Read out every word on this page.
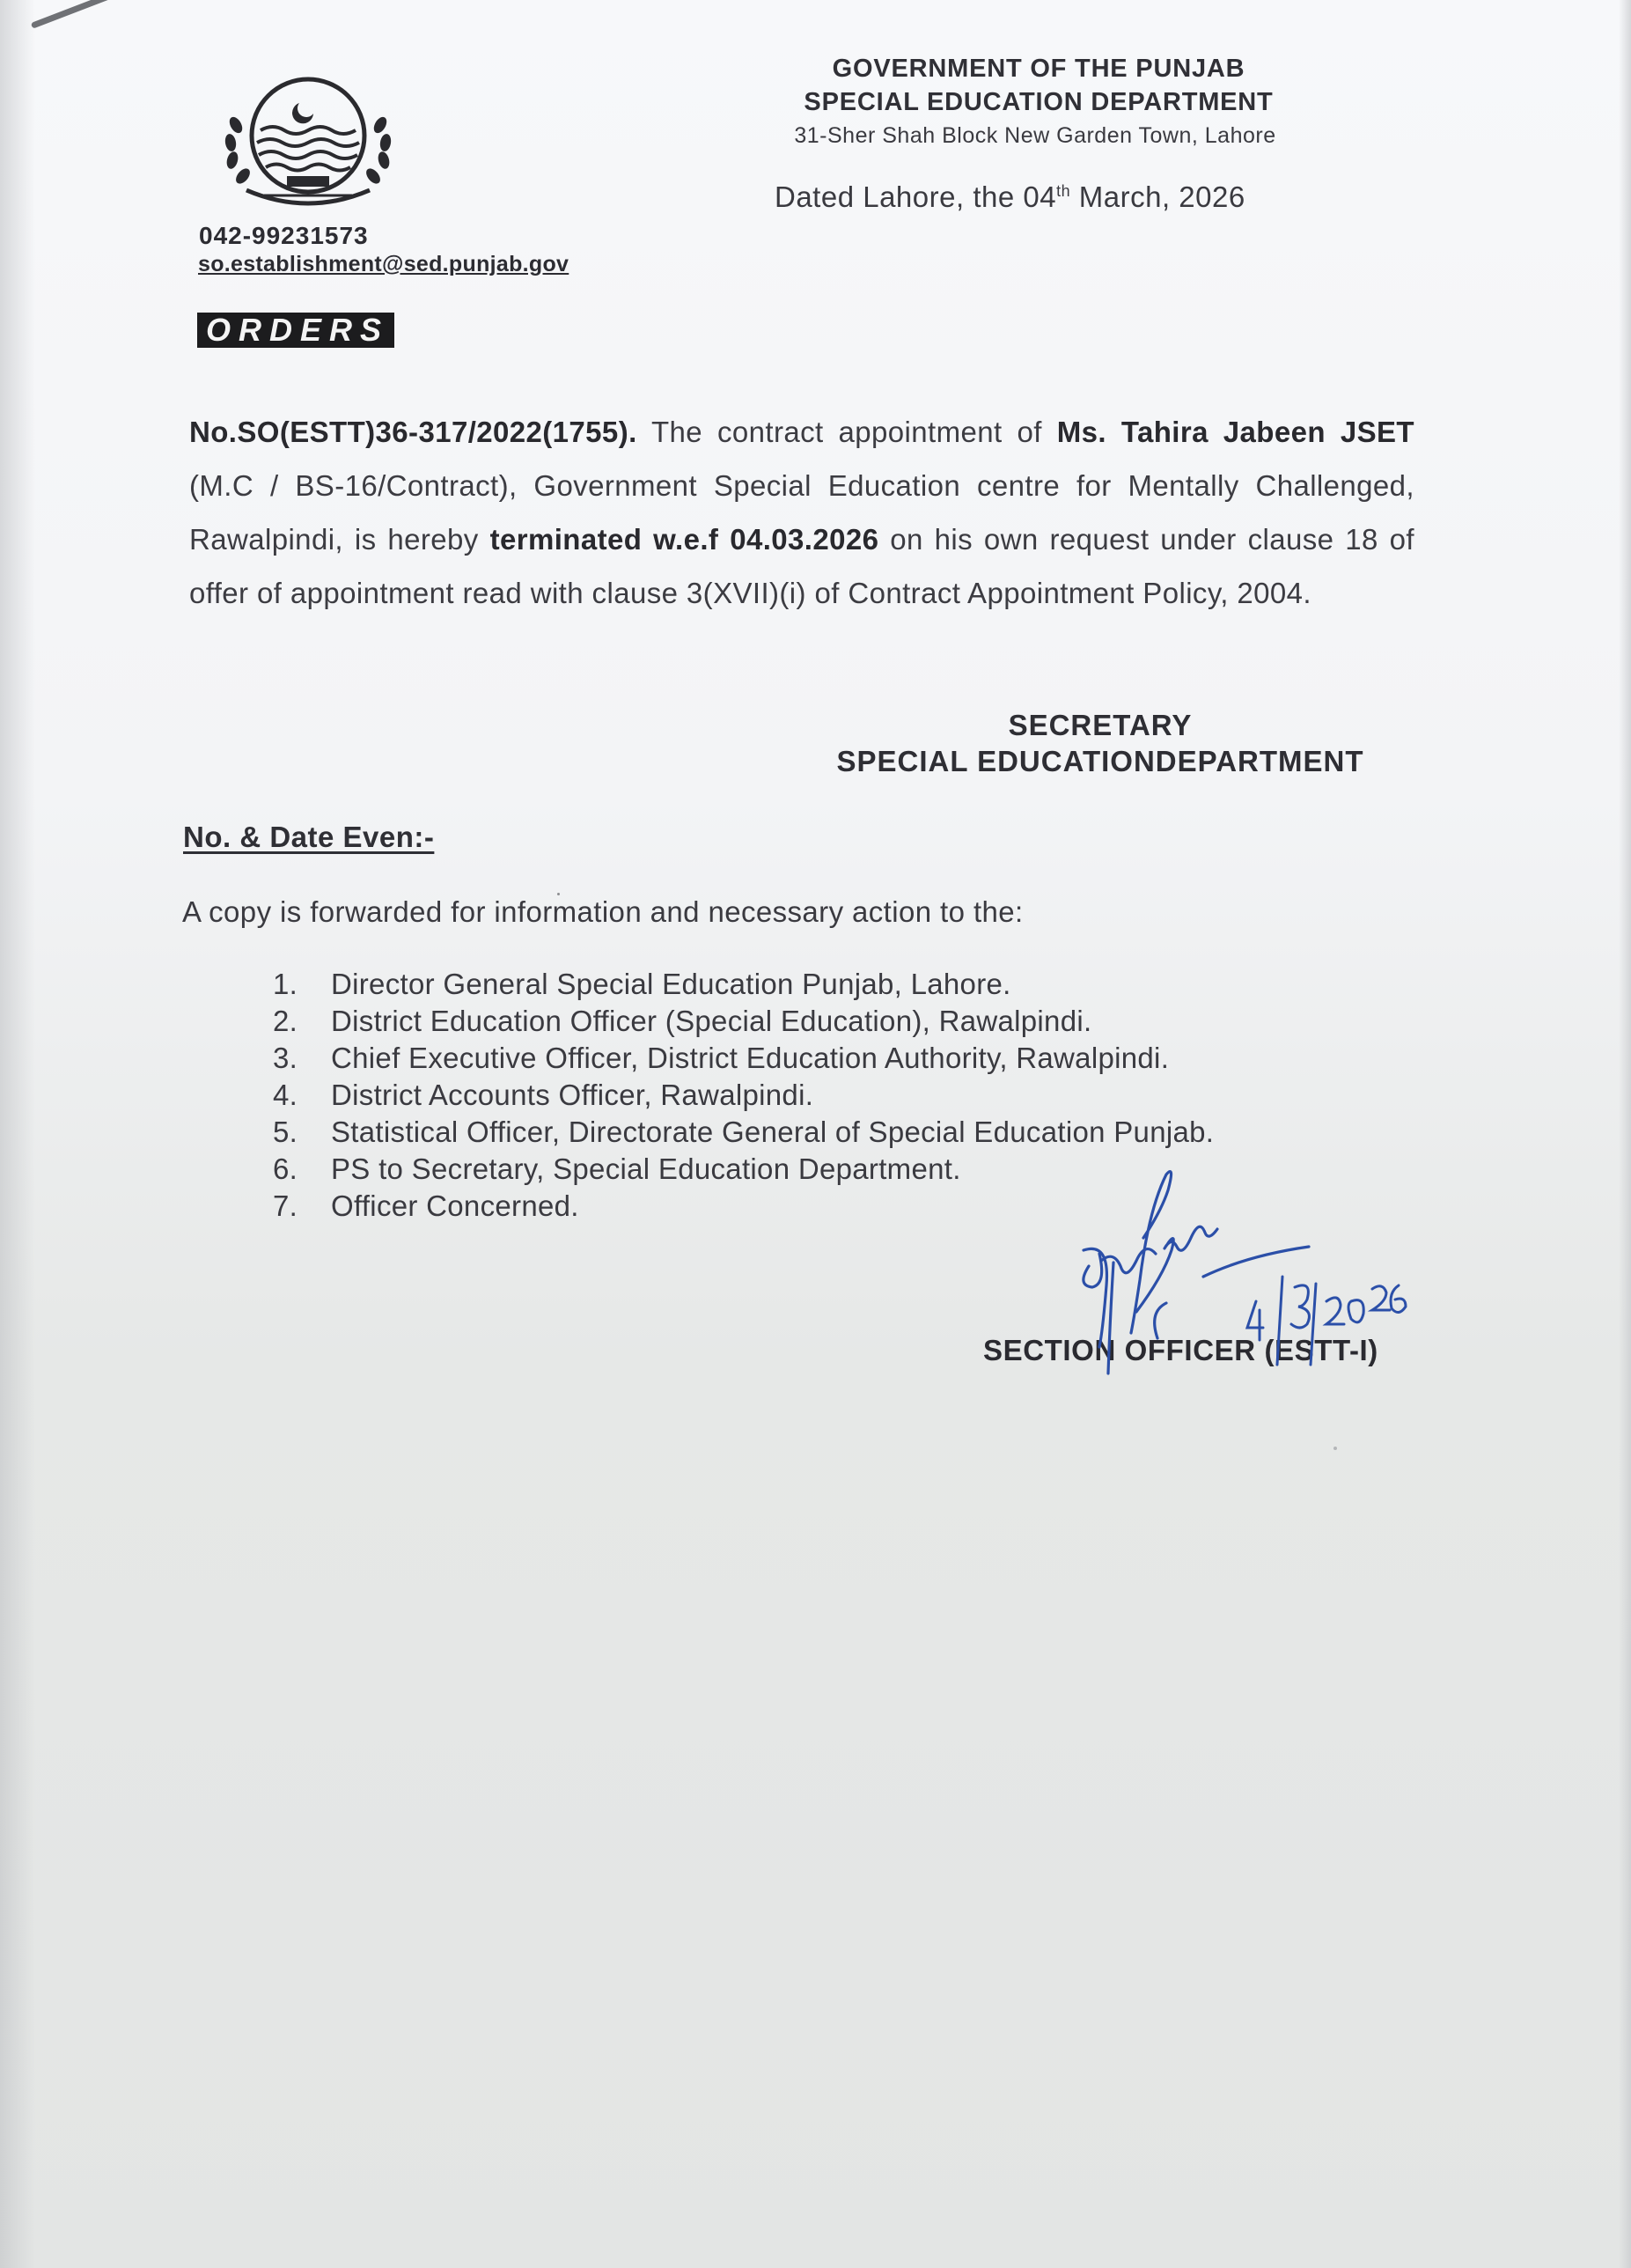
GOVERNMENT OF THE PUNJAB
SPECIAL EDUCATION DEPARTMENT
31-Sher Shah Block New Garden Town, Lahore
Dated Lahore, the 04th March, 2026
042-99231573
so.establishment@sed.punjab.gov
ORDERS
No.SO(ESTT)36-317/2022(1755). The contract appointment of Ms. Tahira Jabeen JSET (M.C / BS-16/Contract), Government Special Education centre for Mentally Challenged, Rawalpindi, is hereby terminated w.e.f 04.03.2026 on his own request under clause 18 of offer of appointment read with clause 3(XVII)(i) of Contract Appointment Policy, 2004.
SECRETARY
SPECIAL EDUCATIONDEPARTMENT
No. & Date Even:-
A copy is forwarded for information and necessary action to the:
1. Director General Special Education Punjab, Lahore.
2. District Education Officer (Special Education), Rawalpindi.
3. Chief Executive Officer, District Education Authority, Rawalpindi.
4. District Accounts Officer, Rawalpindi.
5. Statistical Officer, Directorate General of Special Education Punjab.
6. PS to Secretary, Special Education Department.
7. Officer Concerned.
SECTION OFFICER (ESTT-I)
